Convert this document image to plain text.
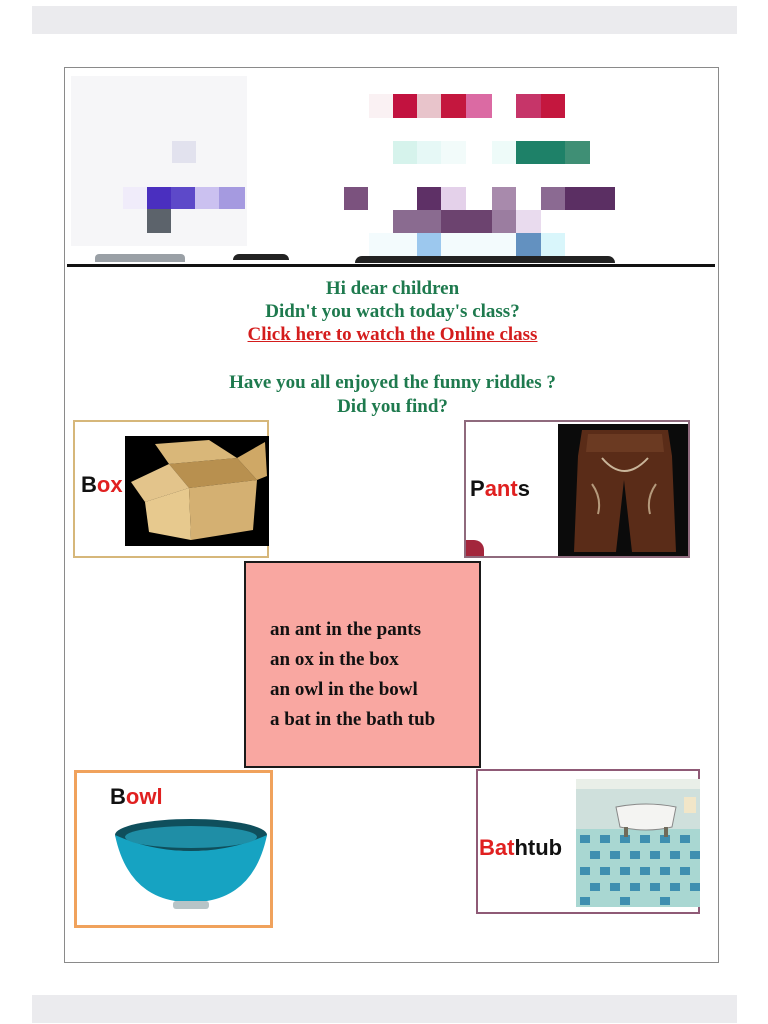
Hi dear children
Didn't you watch today's class?
Click here to watch the Online class
Have you all enjoyed the funny riddles ?
Did you find?
Box	Pants
an ant in the pants
an ox in the box
an owl in the bowl
a bat in the bath tub
Bowl
Bathtub
